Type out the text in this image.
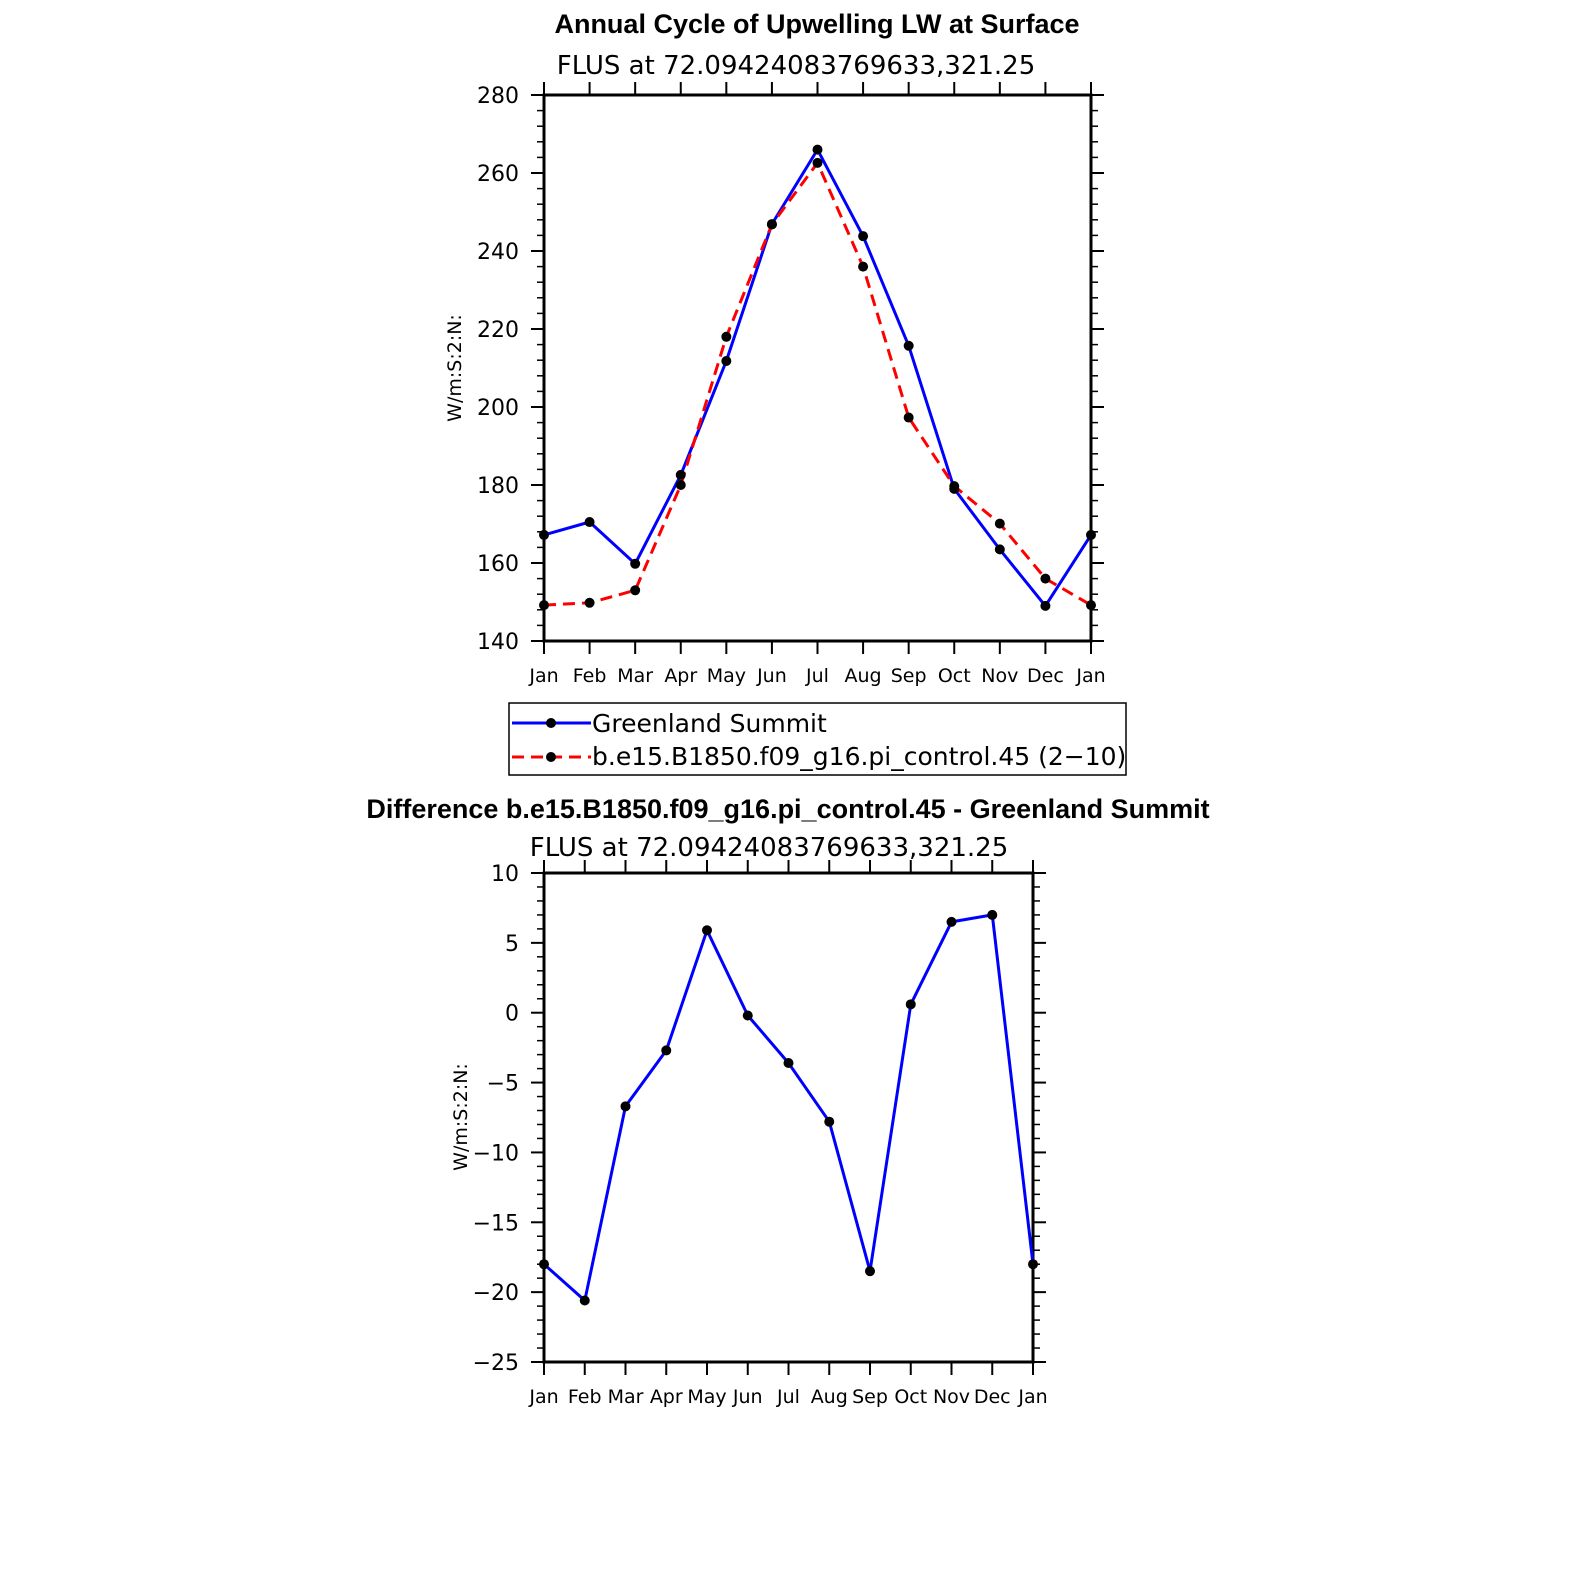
Annual Cycle of Upwelling LW at Surface
FLUS at 72.09424083769633,321.25
W/m:S:2:N:
140
160
180
200
220
240
260
280
Jan Feb Mar Apr May Jun Jul Aug Sep Oct Nov Dec Jan
Greenland Summit
b.e15.B1850.f09_g16.pi_control.45 (2−10)
Difference b.e15.B1850.f09_g16.pi_control.45 - Greenland Summit
FLUS at 72.09424083769633,321.25
W/m:S:2:N:
−25
−20
−15
−10
−5
0
5
10
Jan Feb Mar Apr May Jun Jul Aug Sep Oct Nov Dec Jan
